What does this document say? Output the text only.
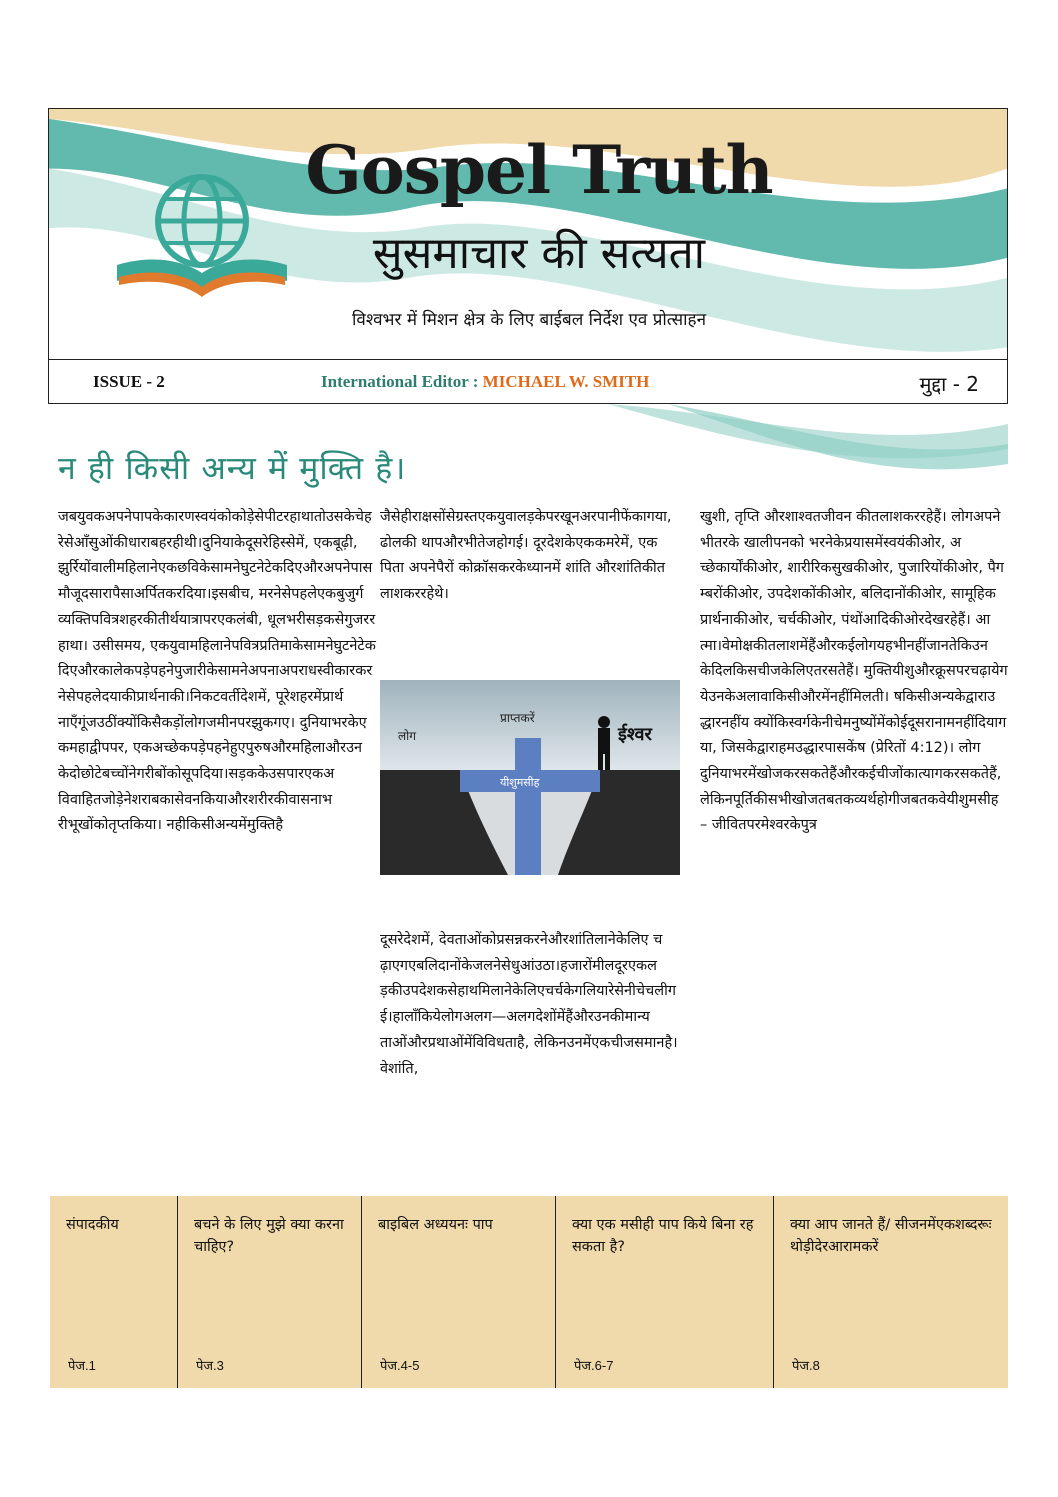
Gospel Truth
सुसमाचार की सत्यता
विश्वभर में मिशन क्षेत्र के लिए बाईबल निर्देश एव प्रोत्साहन
ISSUE - 2	International Editor : MICHAEL W. SMITH	मुद्दा - 2
न ही किसी अन्य में मुक्ति है।
जबयुवकअपनेपापकेकारणस्वयंकोकोड़ेसेपीटरहाथातोउसकेचेहरेसेआँसुओंकीधाराबहरहीथी।दुनियाकेदूसरेहिस्सेमें, एकबूढ़ी, झुर्रियोंवालीमहिलानेएकछविकेसामनेघुटनेटेकदिएऔरअपनेपासमौजूदसारापैसाअर्पितकरदिया।इसबीच, मरनेसेपहलेएकबुजुर्गव्यक्तिपवित्रशहरकीतीर्थयात्रापरएकलंबी, धूलभरीसड़कसेगुजररहाथा। उसीसमय, एकयुवामहिलानेपवित्रप्रतिमाकेसामनेघुटनेटेकदिएऔरकालेकपड़ेपहनेपुजारीकेसामनेअपनाअपराधस्वीकारकरनेसेपहलेदयाकीप्रार्थनाकी।निकटवर्तीदेशमें, पूरेशहरमेंप्रार्थनाएँगूंजउठींक्योंकिसैकड़ोंलोगजमीनपरझुकगए। दुनियाभरकेएकमहाद्वीपपर, एकअच्छेकपड़ेपहनेहुएपुरुषऔरमहिलाऔरउनकेदोछोटेबच्चोंनेगरीबोंकोसूपदिया।सड़ककेउसपारएकअविवाहितजोड़ेनेशराबकासेवनकियाऔरशरीरकीवासनाभरीभूखोंकोतृप्तकिया। नहीकिसीअन्यमेंमुक्तिहै
जैसेहीराक्षसोंसेग्रस्तएकयुवालड़केपरखूनअरपानीफेंकागया, ढोलकी थापऔरभीतेजहोगई। दूरदेशकेएककमरेमें, एकपिता अपनेपैरों कोक्रॉसकरकेध्यानमें शांति औरशांतिकीतलाशकररहेथे।
लोग
प्राप्तकरें
ईश्वर
यीशुमसीह
दूसरेदेशमें, देवताओंकोप्रसन्नकरनेऔरशांतिलानेकेलिए चढ़ाएगएबलिदानोंकेजलनेसेधुआंउठा।हजारोंमीलदूरएकलड़कीउपदेशकसेहाथमिलानेकेलिएचर्चकेगलियारेसेनीचेचलीगई।हालाँकियेलोगअलग—अलगदेशोंमेंहैंऔरउनकीमान्यताओंऔरप्रथाओंमेंविविधताहै, लेकिनउनमेंएकचीजसमानहै।वेशांति,
खुशी, तृप्ति औरशाश्वतजीवन कीतलाशकररहेहैं। लोगअपने भीतरके खालीपनको भरनेकेप्रयासमेंस्वयंकीओर, अच्छेकार्योंकीओर, शारीरिकसुखकीओर, पुजारियोंकीओर, पैगम्बरोंकीओर, उपदेशकोंकीओर, बलिदानोंकीओर, सामूहिकप्रार्थनाकीओर, चर्चकीओर, पंथोंआदिकीओरदेखरहेहैं। आत्मा।वेमोक्षकीतलाशमेंहैंऔरकईलोगयहभीनहींजानतेकिउनकेदिलकिसचीजकेलिएतरसतेहैं। मुक्तियीशुऔरक्रूसपरचढ़ायेगयेउनकेअलावाकिसीऔरमेंनहींमिलती। षकिसीअन्यकेद्वाराउद्धारनहींय क्योंकिस्वर्गकेनीचेमनुष्योंमेंकोईदूसरानामनहींदियागया, जिसकेद्वाराहमउद्धारपासकेंष (प्रेरितों 4:12)। लोगदुनियाभरमेंखोजकरसकतेहैंऔरकईचीजोंकात्यागकरसकतेहैं, लेकिनपूर्तिकीसभीखोजतबतकव्यर्थहोगीजबतकवेयीशुमसीह – जीवितपरमेश्वरकेपुत्र
संपादकीय
पेज.1
बचने के लिए मुझे क्या करना चाहिए?
पेज.3
बाइबिल अध्ययनः पाप
पेज.4-5
क्या एक मसीही पाप किये बिना रह सकता है?
पेज.6-7
क्या आप जानते हैं/ सीजनमेंएकशब्दरूः थोड़ीदेरआरामकरें
पेज.8
